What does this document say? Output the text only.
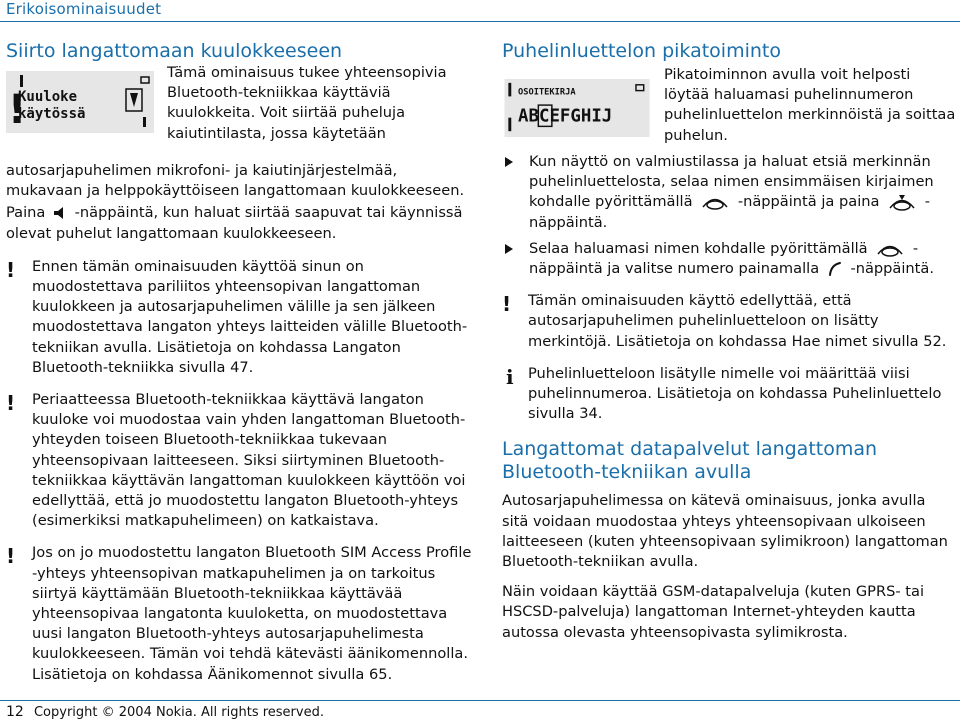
Erikoisominaisuudet
Siirto langattomaan kuulokkeeseen
!
Kuuloke
käytössä

Tämä ominaisuus tukee yhteensopivia Bluetooth-tekniikkaa käyttäviä kuulokkeita. Voit siirtää puheluja kaiutintilasta, jossa käytetään

autosarjapuhelimen mikrofoni- ja kaiutinjärjestelmää, mukavaan ja helppokäyttöiseen langattomaan kuulokkeeseen.

Paina -näppäintä, kun haluat siirtää saapuvat tai käynnissä olevat puhelut langattomaan kuulokkeeseen.

! Ennen tämän ominaisuuden käyttöä sinun on muodostettava pariliitos yhteensopivan langattoman kuulokkeen ja autosarjapuhelimen välille ja sen jälkeen muodostettava langaton yhteys laitteiden välille Bluetooth-tekniikan avulla. Lisätietoja on kohdassa Langaton Bluetooth-tekniikka sivulla 47.

! Periaatteessa Bluetooth-tekniikkaa käyttävä langaton kuuloke voi muodostaa vain yhden langattoman Bluetooth-yhteyden toiseen Bluetooth-tekniikkaa tukevaan yhteensopivaan laitteeseen. Siksi siirtyminen Bluetooth-tekniikkaa käyttävän langattoman kuulokkeen käyttöön voi edellyttää, että jo muodostettu langaton Bluetooth-yhteys (esimerkiksi matkapuhelimeen) on katkaistava.

! Jos on jo muodostettu langaton Bluetooth SIM Access Profile -yhteys yhteensopivan matkapuhelimen ja on tarkoitus siirtyä käyttämään Bluetooth-tekniikkaa käyttävää yhteensopivaa langatonta kuuloketta, on muodostettava uusi langaton Bluetooth-yhteys autosarjapuhelimesta kuulokkeeseen. Tämän voi tehdä kätevästi äänikomennolla. Lisätietoja on kohdassa Äänikomennot sivulla 65.

Puhelinluettelon pikatoiminto
OSOITEKIRJA
ABCEFGHIJ

Pikatoiminnon avulla voit helposti löytää haluamasi puhelinnumeron puhelinluettelon merkinnöistä ja soittaa puhelun.

Kun näyttö on valmiustilassa ja haluat etsiä merkinnän puhelinluettelosta, selaa nimen ensimmäisen kirjaimen kohdalle pyörittämällä	-näppäintä ja paina	-näppäintä.

Selaa haluamasi nimen kohdalle pyörittämällä	-näppäintä ja valitse numero painamalla -näppäintä.

! Tämän ominaisuuden käyttö edellyttää, että autosarjapuhelimen puhelinluetteloon on lisätty merkintöjä. Lisätietoja on kohdassa Hae nimet sivulla 52.

i Puhelinluetteloon lisätylle nimelle voi määrittää viisi puhelinnumeroa. Lisätietoja on kohdassa Puhelinluettelo sivulla 34.

Langattomat datapalvelut langattoman Bluetooth-tekniikan avulla

Autosarjapuhelimessa on kätevä ominaisuus, jonka avulla sitä voidaan muodostaa yhteys yhteensopivaan ulkoiseen laitteeseen (kuten yhteensopivaan sylimikroon) langattoman Bluetooth-tekniikan avulla.

Näin voidaan käyttää GSM-datapalveluja (kuten GPRS- tai HSCSD-palveluja) langattoman Internet-yhteyden kautta autossa olevasta yhteensopivasta sylimikrosta.

12 Copyright © 2004 Nokia. All rights reserved.
